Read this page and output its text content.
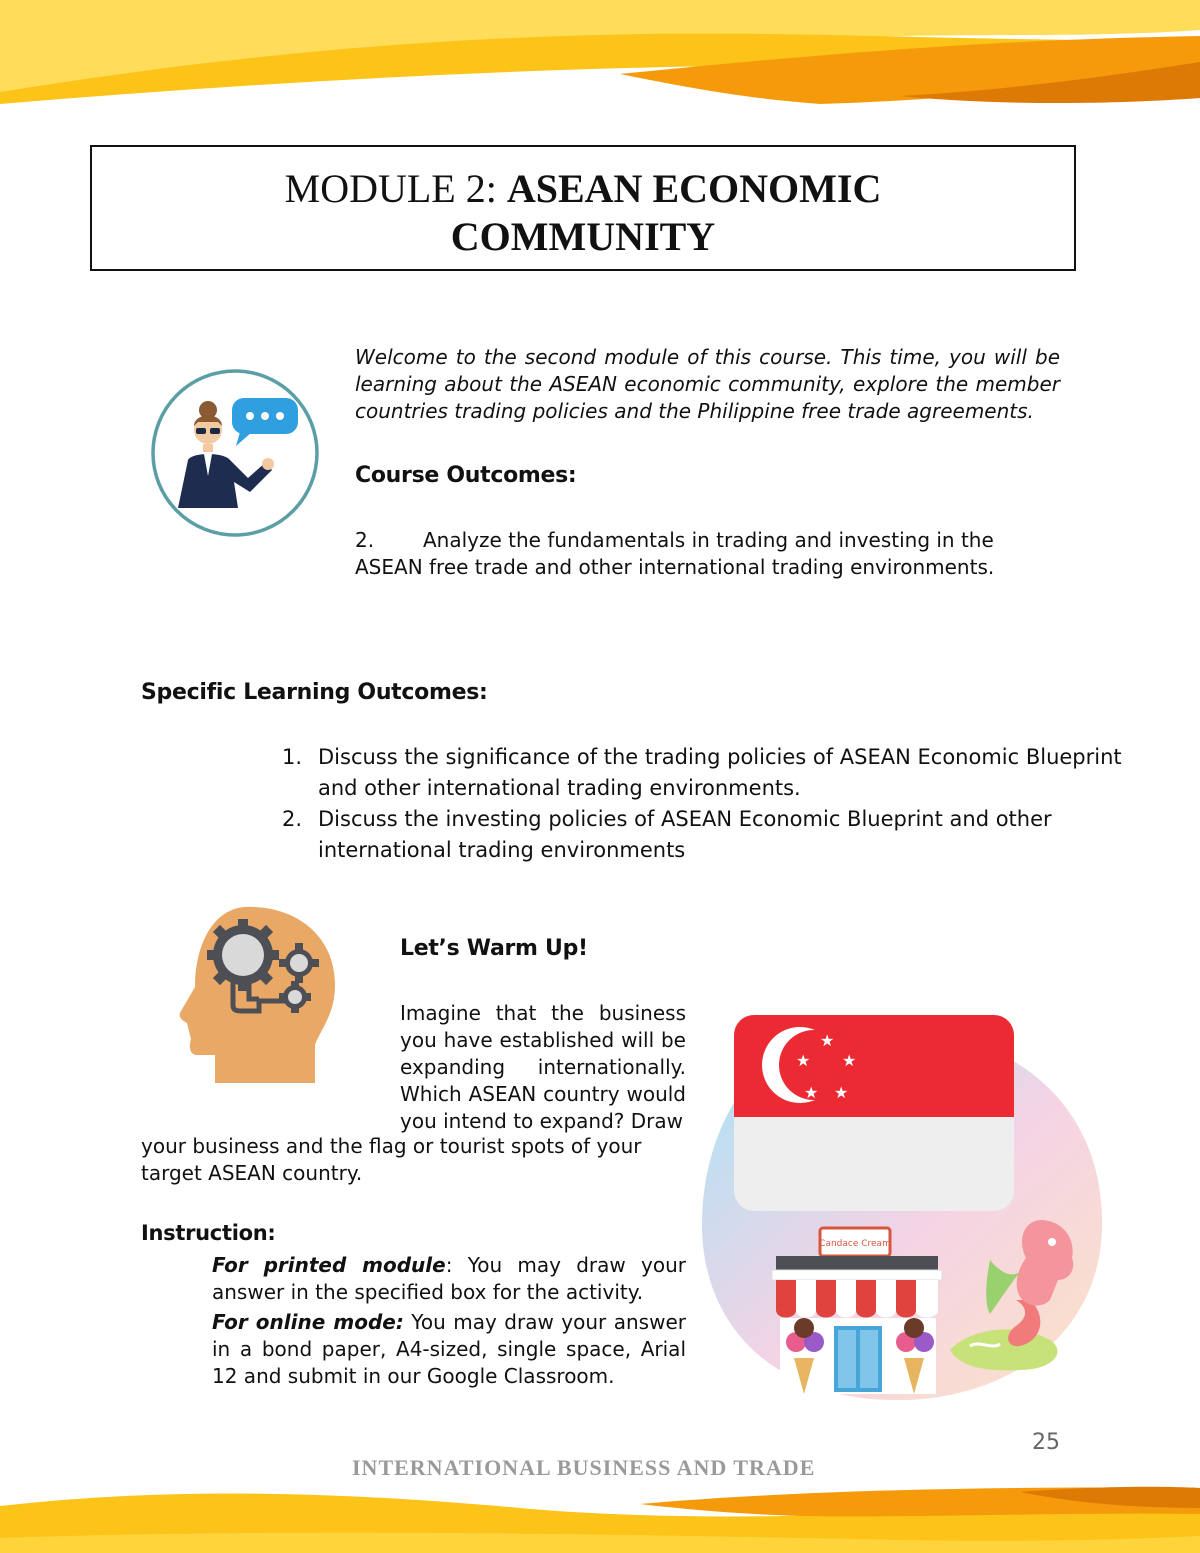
MODULE 2: ASEAN ECONOMIC
COMMUNITY
Welcome to the second module of this course. This time, you will be learning about the ASEAN economic community, explore the member countries trading policies and the Philippine free trade agreements.
Course Outcomes:
2. Analyze the fundamentals in trading and investing in the ASEAN free trade and other international trading environments.
Specific Learning Outcomes:
1. Discuss the significance of the trading policies of ASEAN Economic Blueprint and other international trading environments.
2. Discuss the investing policies of ASEAN Economic Blueprint and other international trading environments
Let’s Warm Up!
Imagine that the business you have established will be expanding internationally. Which ASEAN country would you intend to expand? Draw
your business and the flag or tourist spots of your target ASEAN country.
Instruction:
For printed module: You may draw your answer in the specified box for the activity.
For online mode: You may draw your answer in a bond paper, A4-sized, single space, Arial 12 and submit in our Google Classroom.
★
★ ★
★ ★
Candace Cream
25
INTERNATIONAL BUSINESS AND TRADE
